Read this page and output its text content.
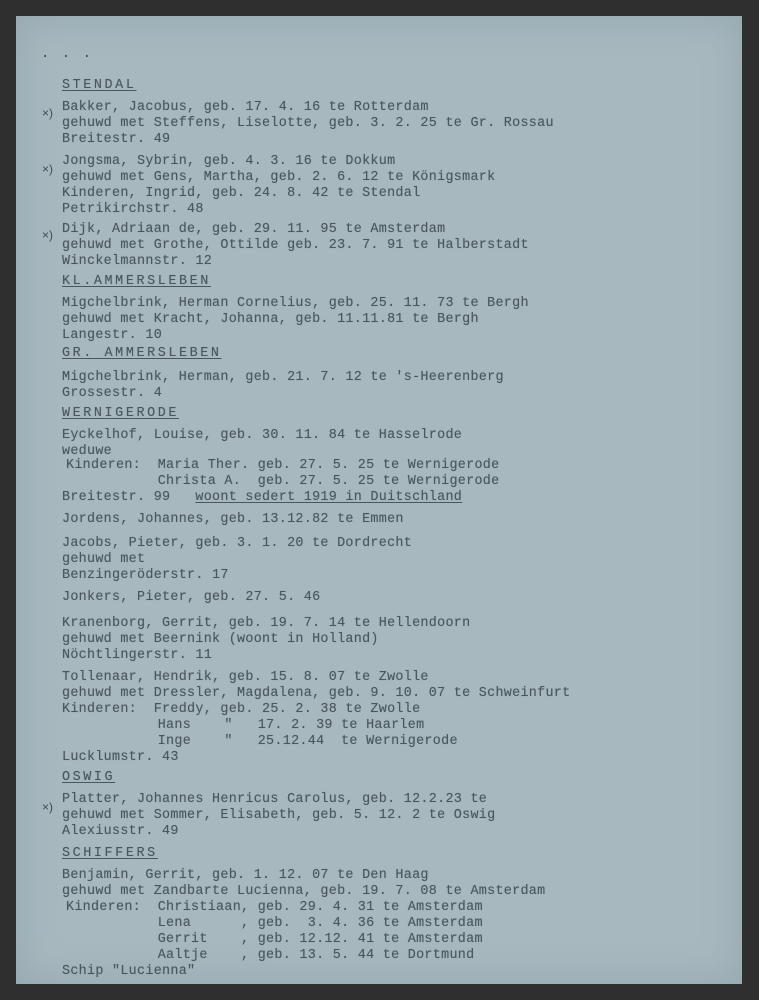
. . .
STENDAL
Bakker, Jacobus, geb. 17. 4. 16 te Rotterdam
gehuwd met Steffens, Liselotte, geb. 3. 2. 25 te Gr. Rossau
Breitestr. 49
Jongsma, Sybrin, geb. 4. 3. 16 te Dokkum
gehuwd met Gens, Martha, geb. 2. 6. 12 te Königsmark
Kinderen, Ingrid, geb. 24. 8. 42 te Stendal
Petrikirchstr. 48
Dijk, Adriaan de, geb. 29. 11. 95 te Amsterdam
gehuwd met Grothe, Ottilde geb. 23. 7. 91 te Halberstadt
Winckelmannstr. 12
KL.AMMERSLEBEN
Migchelbrink, Herman Cornelius, geb. 25. 11. 73 te Bergh
gehuwd met Kracht, Johanna, geb. 11.11.81 te Bergh
Langestr. 10
GR. AMMERSLEBEN
Migchelbrink, Herman, geb. 21. 7. 12 te 's-Heerenberg
Grossestr. 4
WERNIGERODE
Eyckelhof, Louise, geb. 30. 11. 84 te Hasselrode
weduwe
Kinderen:  Maria Ther. geb. 27. 5. 25 te Wernigerode
Christa A.  geb. 27. 5. 25 te Wernigerode
Breitestr. 99   woont sedert 1919 in Duitschland
Jordens, Johannes, geb. 13.12.82 te Emmen
Jacobs, Pieter, geb. 3. 1. 20 te Dordrecht
gehuwd met
Benzingeröderstr. 17
Jonkers, Pieter, geb. 27. 5. 46
Kranenborg, Gerrit, geb. 19. 7. 14 te Hellendoorn
gehuwd met Beernink (woont in Holland)
Nöchtlingerstr. 11
Tollenaar, Hendrik, geb. 15. 8. 07 te Zwolle
gehuwd met Dressler, Magdalena, geb. 9. 10. 07 te Schweinfurt
Kinderen:  Freddy, geb. 25. 2. 38 te Zwolle
Hans    "   17. 2. 39 te Haarlem
Inge    "   25.12.44  te Wernigerode
Lucklumstr. 43
OSWIG
Platter, Johannes Henricus Carolus, geb. 12.2.23 te
gehuwd met Sommer, Elisabeth, geb. 5. 12. 2 te Oswig
Alexiusstr. 49
SCHIFFERS
Benjamin, Gerrit, geb. 1. 12. 07 te Den Haag
gehuwd met Zandbarte Lucienna, geb. 19. 7. 08 te Amsterdam
Kinderen:  Christiaan, geb. 29. 4. 31 te Amsterdam
Lena      , geb.  3. 4. 36 te Amsterdam
Gerrit    , geb. 12.12. 41 te Amsterdam
Aaltje    , geb. 13. 5. 44 te Dortmund
Schip "Lucienna"
×)
×)
×)
×)
